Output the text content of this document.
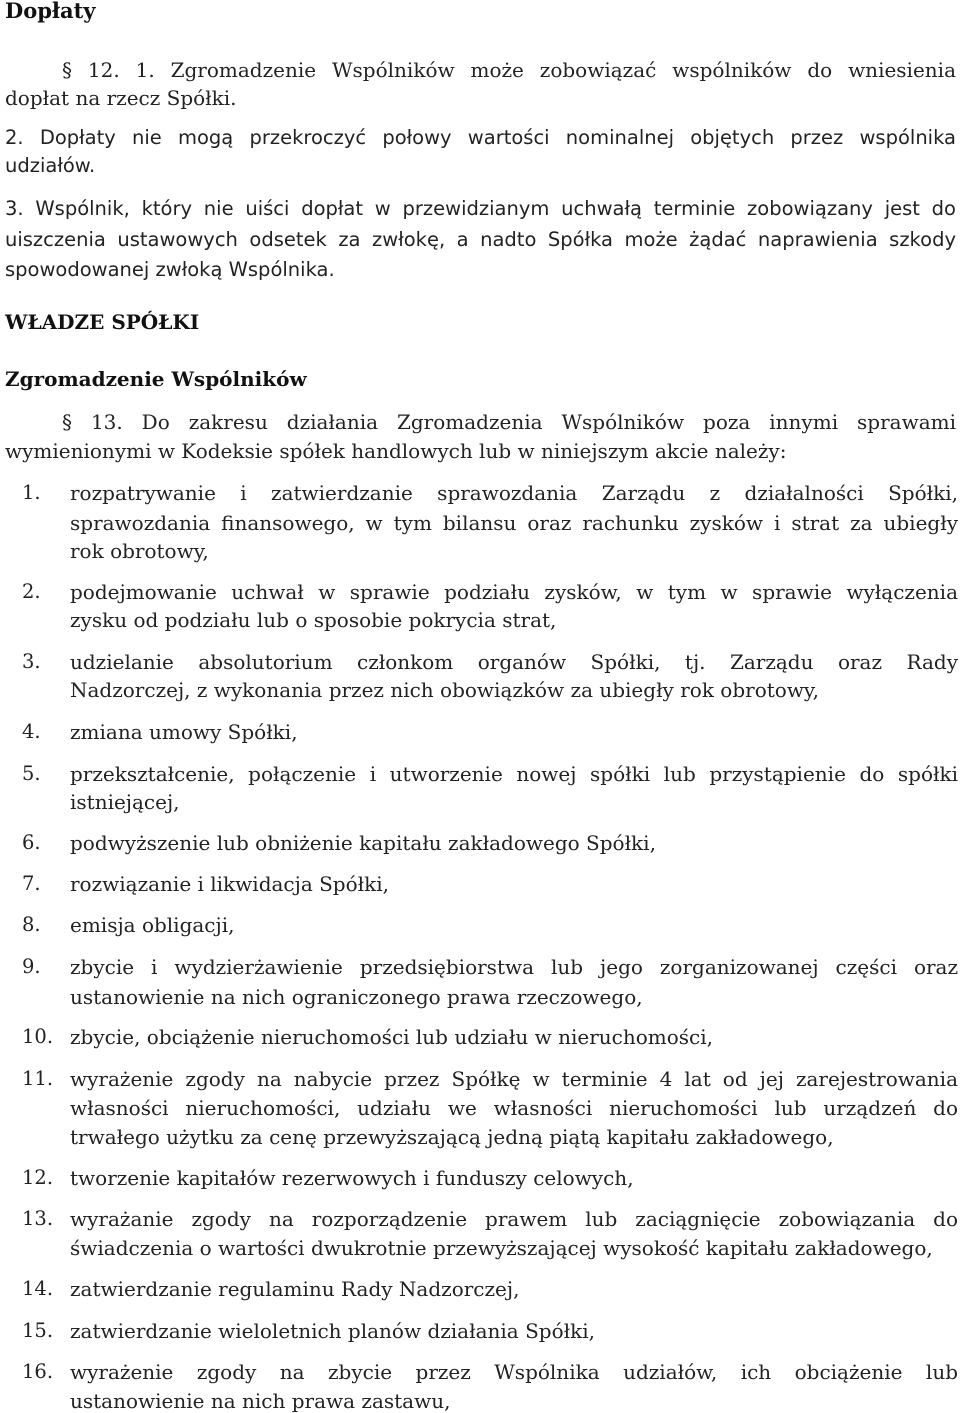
Dopłaty
§ 12. 1. Zgromadzenie Wspólników może zobowiązać wspólników do wniesienia
dopłat na rzecz Spółki.
2. Dopłaty nie mogą przekroczyć połowy wartości nominalnej objętych przez wspólnika
udziałów.
3. Wspólnik, który nie uiści dopłat w przewidzianym uchwałą terminie zobowiązany jest do
uiszczenia ustawowych odsetek za zwłokę, a nadto Spółka może żądać naprawienia szkody
spowodowanej zwłoką Wspólnika.
WŁADZE SPÓŁKI
Zgromadzenie Wspólników
§ 13. Do zakresu działania Zgromadzenia Wspólników poza innymi sprawami
wymienionymi w Kodeksie spółek handlowych lub w niniejszym akcie należy:
1. rozpatrywanie i zatwierdzanie sprawozdania Zarządu z działalności Spółki,
sprawozdania finansowego, w tym bilansu oraz rachunku zysków i strat za ubiegły
rok obrotowy,
2. podejmowanie uchwał w sprawie podziału zysków, w tym w sprawie wyłączenia
zysku od podziału lub o sposobie pokrycia strat,
3. udzielanie absolutorium członkom organów Spółki, tj. Zarządu oraz Rady
Nadzorczej, z wykonania przez nich obowiązków za ubiegły rok obrotowy,
4. zmiana umowy Spółki,
5. przekształcenie, połączenie i utworzenie nowej spółki lub przystąpienie do spółki
istniejącej,
6. podwyższenie lub obniżenie kapitału zakładowego Spółki,
7. rozwiązanie i likwidacja Spółki,
8. emisja obligacji,
9. zbycie i wydzierżawienie przedsiębiorstwa lub jego zorganizowanej części oraz
ustanowienie na nich ograniczonego prawa rzeczowego,
10. zbycie, obciążenie nieruchomości lub udziału w nieruchomości,
11. wyrażenie zgody na nabycie przez Spółkę w terminie 4 lat od jej zarejestrowania
własności nieruchomości, udziału we własności nieruchomości lub urządzeń do
trwałego użytku za cenę przewyższającą jedną piątą kapitału zakładowego,
12. tworzenie kapitałów rezerwowych i funduszy celowych,
13. wyrażanie zgody na rozporządzenie prawem lub zaciągnięcie zobowiązania do
świadczenia o wartości dwukrotnie przewyższającej wysokość kapitału zakładowego,
14. zatwierdzanie regulaminu Rady Nadzorczej,
15. zatwierdzanie wieloletnich planów działania Spółki,
16. wyrażenie zgody na zbycie przez Wspólnika udziałów, ich obciążenie lub
ustanowienie na nich prawa zastawu,
